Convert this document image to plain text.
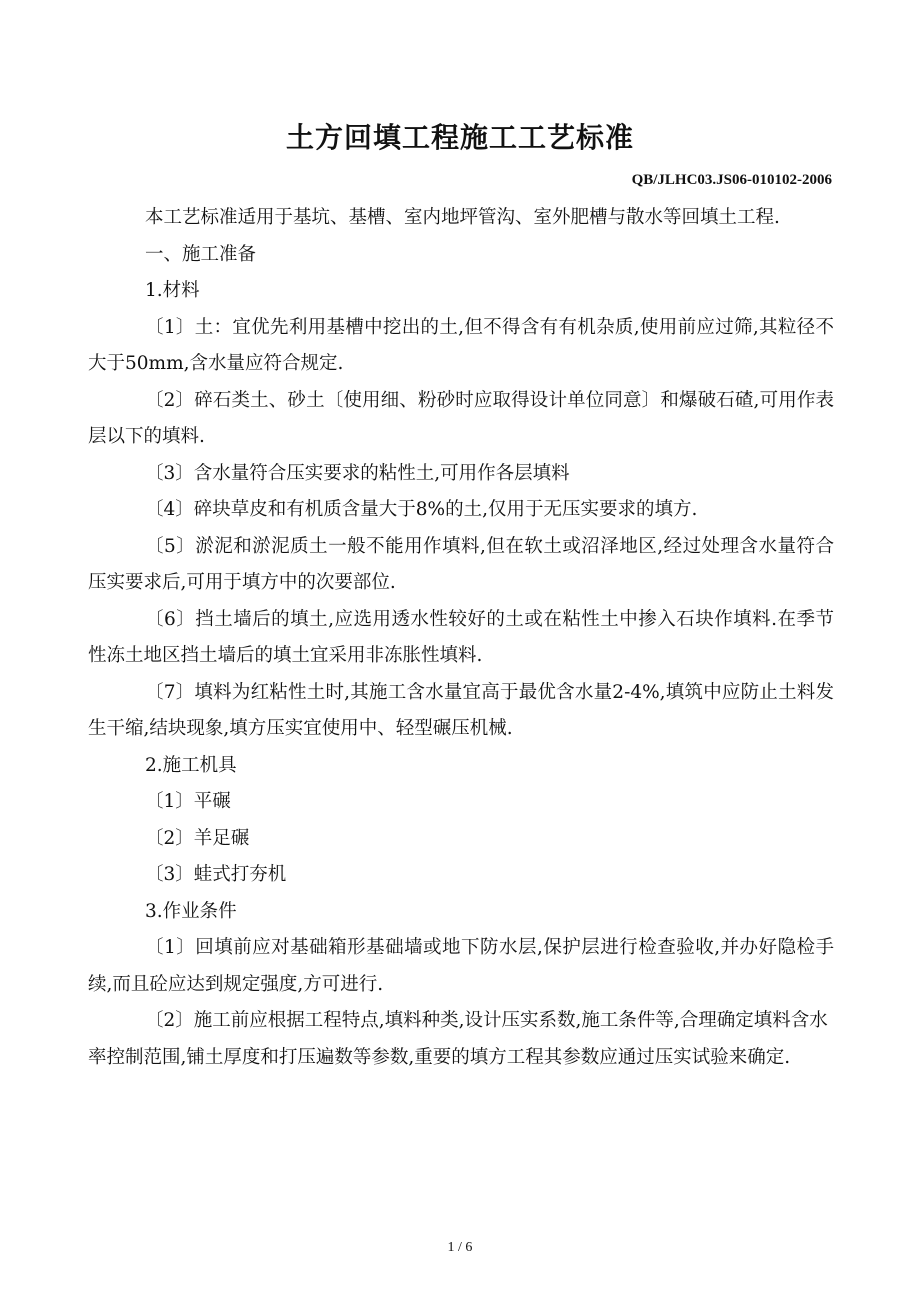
土方回填工程施工工艺标准
QB/JLHC03.JS06-010102-2006

本工艺标准适用于基坑、基槽、室内地坪管沟、室外肥槽与散水等回填土工程.

一、施工准备

1.材料

〔1〕土：宜优先利用基槽中挖出的土,但不得含有有机杂质,使用前应过筛,其粒径不大于50mm,含水量应符合规定.

〔2〕碎石类土、砂土〔使用细、粉砂时应取得设计单位同意〕和爆破石碴,可用作表层以下的填料.

〔3〕含水量符合压实要求的粘性土,可用作各层填料

〔4〕碎块草皮和有机质含量大于8%的土,仅用于无压实要求的填方.

〔5〕淤泥和淤泥质土一般不能用作填料,但在软土或沼泽地区,经过处理含水量符合压实要求后,可用于填方中的次要部位.

〔6〕挡土墙后的填土,应选用透水性较好的土或在粘性土中掺入石块作填料.在季节性冻土地区挡土墙后的填土宜采用非冻胀性填料.

〔7〕填料为红粘性土时,其施工含水量宜高于最优含水量2-4%,填筑中应防止土料发生干缩,结块现象,填方压实宜使用中、轻型碾压机械.

2.施工机具

〔1〕平碾

〔2〕羊足碾

〔3〕蛙式打夯机

3.作业条件

〔1〕回填前应对基础箱形基础墙或地下防水层,保护层进行检查验收,并办好隐检手续,而且砼应达到规定强度,方可进行.

〔2〕施工前应根据工程特点,填料种类,设计压实系数,施工条件等,合理确定填料含水率控制范围,铺土厚度和打压遍数等参数,重要的填方工程其参数应通过压实试验来确定.

1 / 6
